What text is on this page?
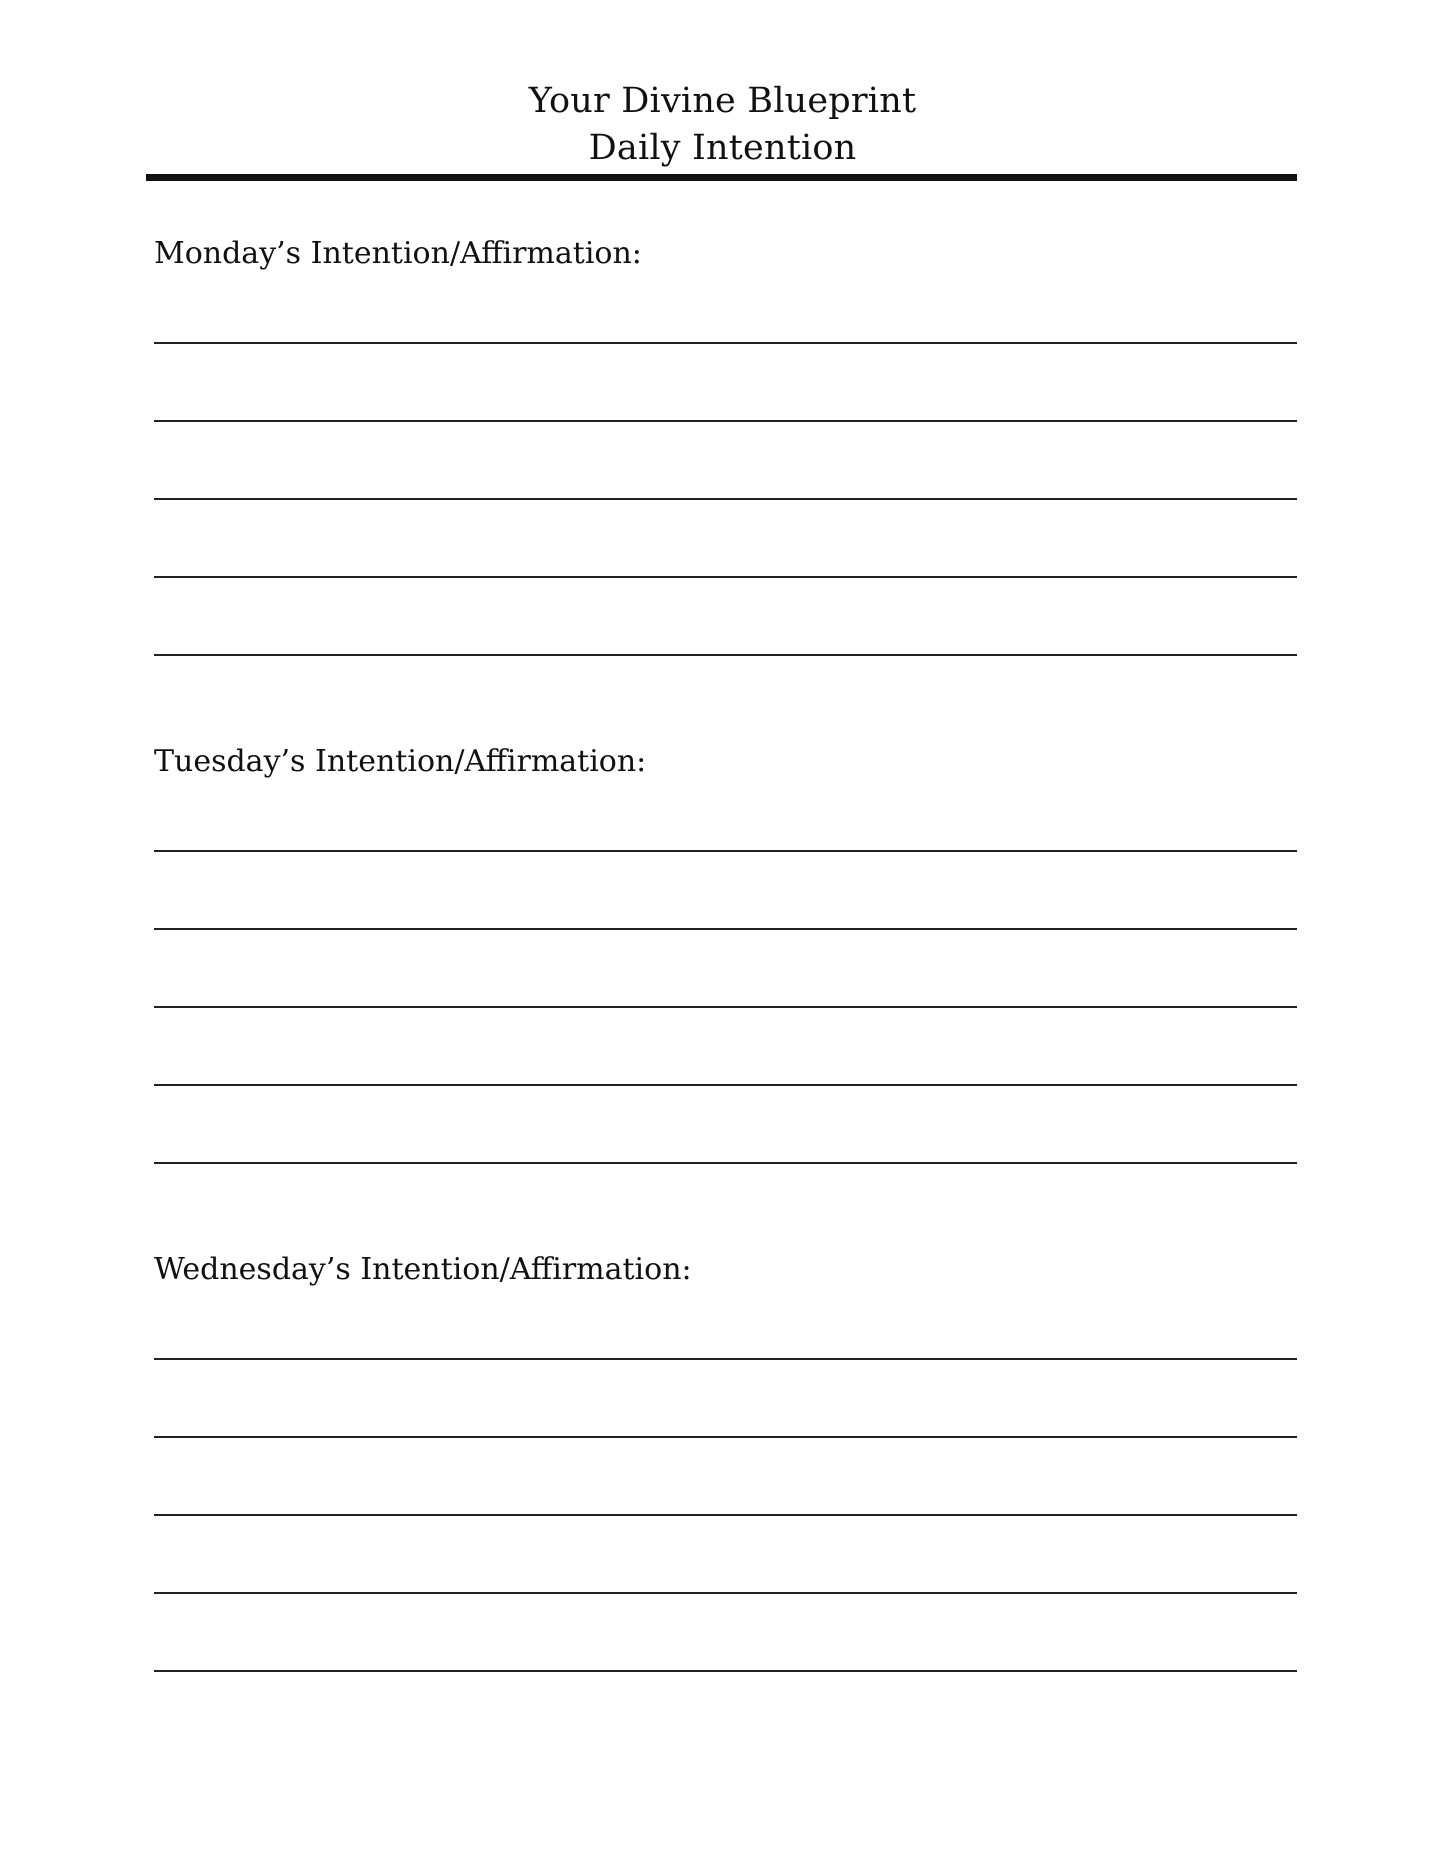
Your Divine Blueprint
Daily Intention
Monday’s Intention/Affirmation:
Tuesday’s Intention/Affirmation:
Wednesday’s Intention/Affirmation:
